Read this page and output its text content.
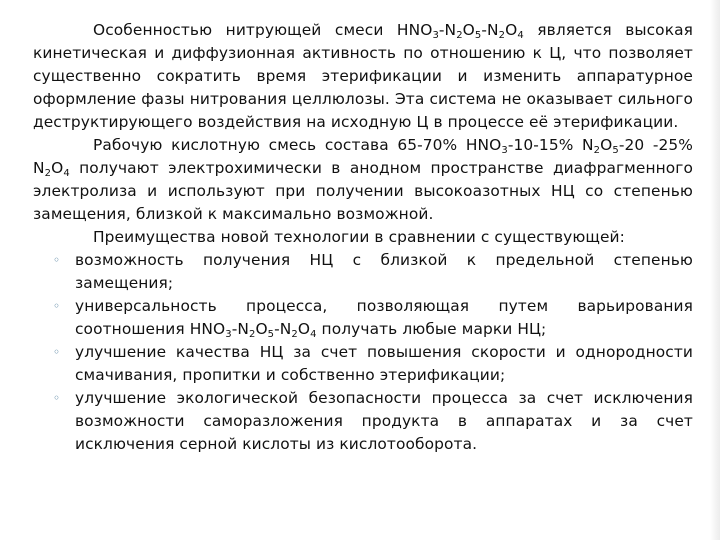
Особенностью нитрующей смеси $HNO_3-N_2O_5-N_2O_4$ является высокая кинетическая и диффузионная активность по отношению к Ц, что позволяет существенно сократить время этерификации и изменить аппаратурное оформление фазы нитрования целлюлозы. Эта система не оказывает сильного деструктирующего воздействия на исходную Ц в процессе её этерификации.

Рабочую кислотную смесь состава 65-70% $HNO_3-10-15\%$ $N_2O_5-20$ -25% $N_2O_4$ получают электрохимически в анодном пространстве диафрагменного электролиза и используют при получении высокоазотных НЦ со степенью замещения, близкой к максимально возможной.

Преимущества новой технологии в сравнении с существующей:

◦ возможность получения НЦ с близкой к предельной степенью замещения;
◦ универсальность процесса, позволяющая путем варьирования соотношения $HNO_3-N_2O_5-N_2O_4$ получать любые марки НЦ;
◦ улучшение качества НЦ за счет повышения скорости и однородности смачивания, пропитки и собственно этерификации;
◦ улучшение экологической безопасности процесса за счет исключения возможности саморазложения продукта в аппаратах и за счет исключения серной кислоты из кислотооборота.
